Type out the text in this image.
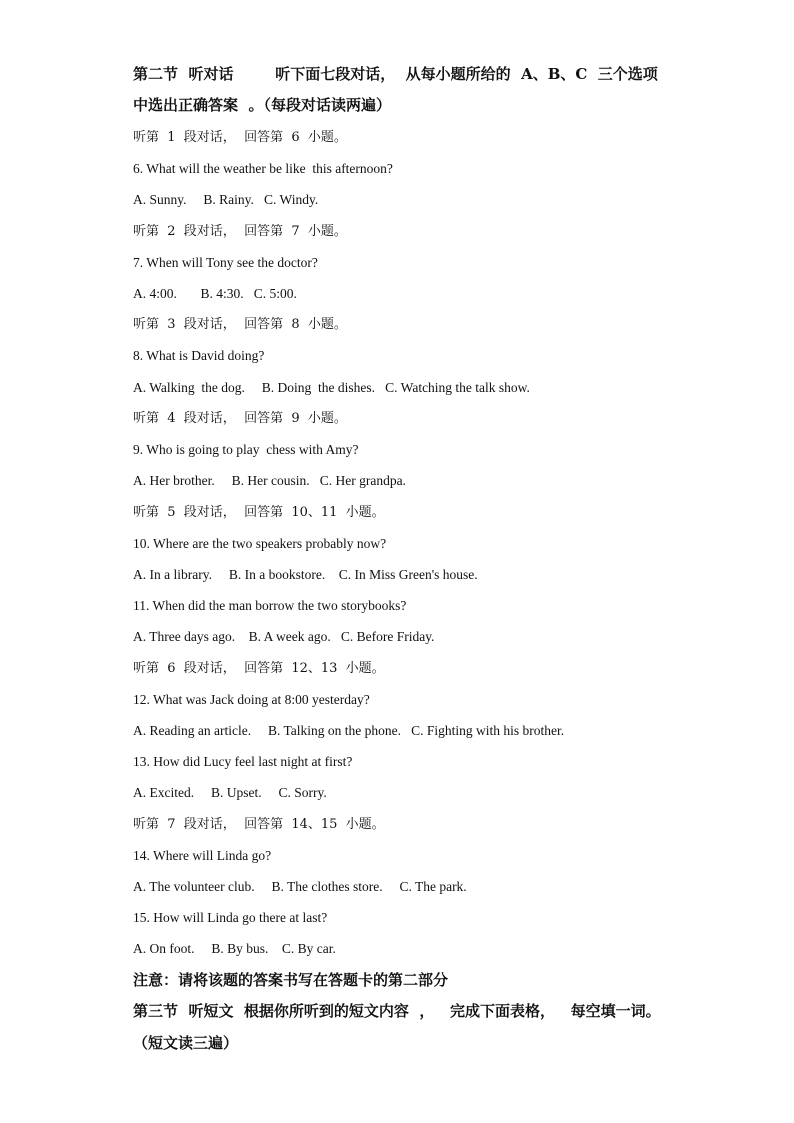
第二节  听对话        听下面七段对话，  从每小题所给的  A、B、C  三个选项
中选出正确答案  。（每段对话读两遍）
听第  1  段对话，  回答第  6  小题。
6. What will the weather be like  this afternoon?
A. Sunny.     B. Rainy.   C. Windy.
听第  2  段对话，  回答第  7  小题。
7. When will Tony see the doctor?
A. 4:00.       B. 4:30.   C. 5:00.
听第  3  段对话，  回答第  8  小题。
8. What is David doing?
A. Walking  the dog.     B. Doing  the dishes.   C. Watching the talk show.
听第  4  段对话，  回答第  9  小题。
9. Who is going to play  chess with Amy?
A. Her brother.     B. Her cousin.   C. Her grandpa.
听第  5  段对话，  回答第  10、11  小题。
10. Where are the two speakers probably now?
A. In a library.     B. In a bookstore.    C. In Miss Green's house.
11. When did the man borrow the two storybooks?
A. Three days ago.    B. A week ago.   C. Before Friday.
听第  6  段对话，  回答第  12、13  小题。
12. What was Jack doing at 8:00 yesterday?
A. Reading an article.     B. Talking on the phone.   C. Fighting with his brother.
13. How did Lucy feel last night at first?
A. Excited.     B. Upset.     C. Sorry.
听第  7  段对话，  回答第  14、15  小题。
14. Where will Linda go?
A. The volunteer club.     B. The clothes store.     C. The park.
15. How will Linda go there at last?
A. On foot.     B. By bus.    C. By car.
注意：请将该题的答案书写在答题卡的第二部分
第三节  听短文  根据你所听到的短文内容  ，   完成下面表格，   每空填一词。
（短文读三遍）
